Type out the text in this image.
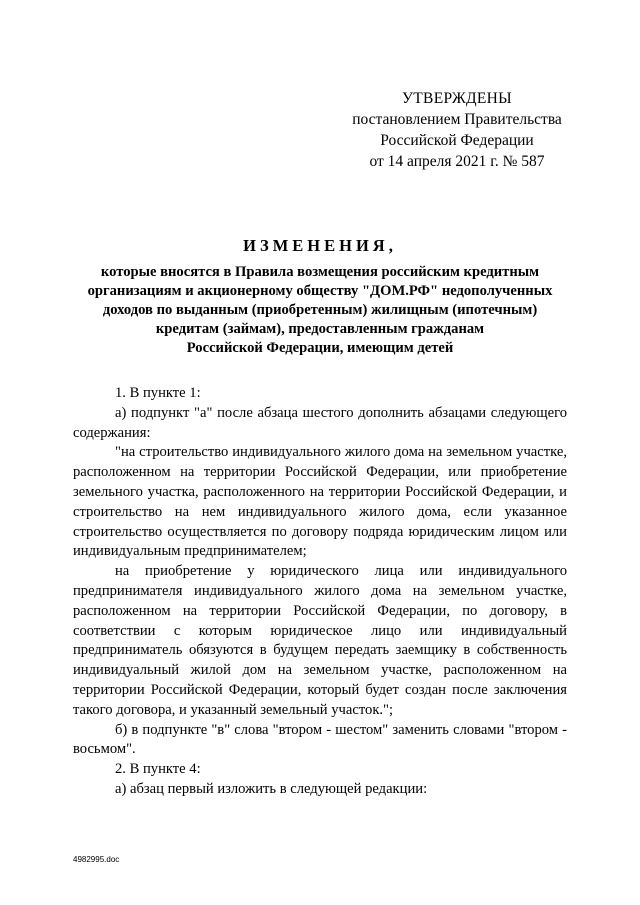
УТВЕРЖДЕНЫ
постановлением Правительства
Российской Федерации
от 14 апреля 2021 г. № 587
ИЗМЕНЕНИЯ,
которые вносятся в Правила возмещения российским кредитным
организациям и акционерному обществу "ДОМ.РФ" недополученных
доходов по выданным (приобретенным) жилищным (ипотечным)
кредитам (займам), предоставленным гражданам
Российской Федерации, имеющим детей

1. В пункте 1:

а) подпункт "а" после абзаца шестого дополнить абзацами следующего содержания:

"на строительство индивидуального жилого дома на земельном участке, расположенном на территории Российской Федерации, или приобретение земельного участка, расположенного на территории Российской Федерации, и строительство на нем индивидуального жилого дома, если указанное строительство осуществляется по договору подряда юридическим лицом или индивидуальным предпринимателем;

на приобретение у юридического лица или индивидуального предпринимателя индивидуального жилого дома на земельном участке, расположенном на территории Российской Федерации, по договору, в соответствии с которым юридическое лицо или индивидуальный предприниматель обязуются в будущем передать заемщику в собственность индивидуальный жилой дом на земельном участке, расположенном на территории Российской Федерации, который будет создан после заключения такого договора, и указанный земельный участок.";

б) в подпункте "в" слова "втором - шестом" заменить словами "втором - восьмом".

2. В пункте 4:

а) абзац первый изложить в следующей редакции:

4982995.doc
